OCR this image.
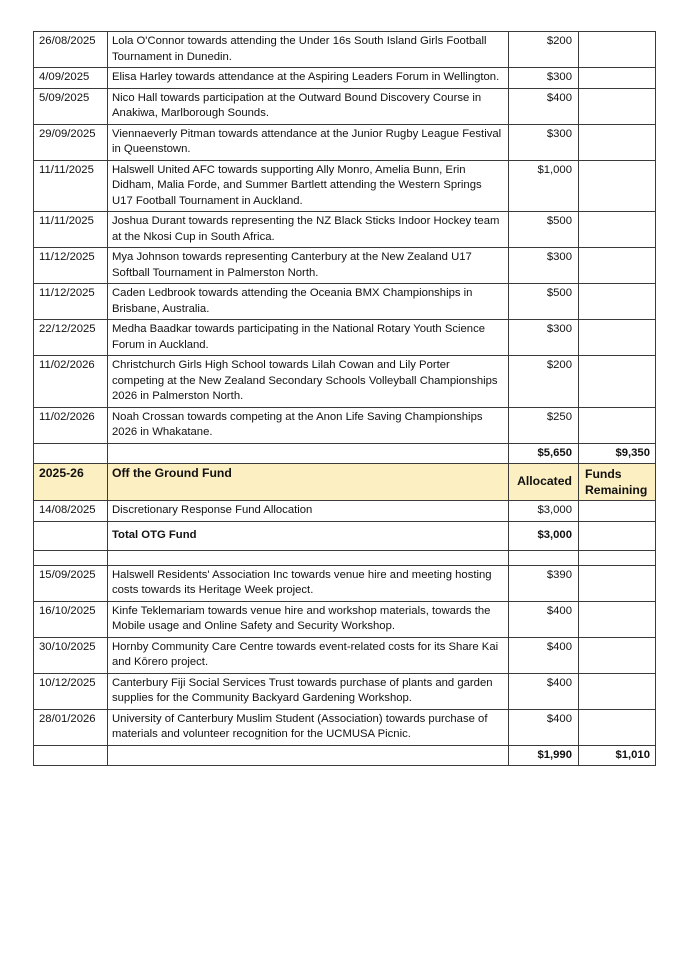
26/08/2025	Lola O'Connor towards attending the Under 16s South Island Girls Football Tournament in Dunedin.	$200	
4/09/2025	Elisa Harley towards attendance at the Aspiring Leaders Forum in Wellington.	$300	
5/09/2025	Nico Hall towards participation at the Outward Bound Discovery Course in Anakiwa, Marlborough Sounds.	$400	
29/09/2025	Viennaeverly Pitman towards attendance at the Junior Rugby League Festival in Queenstown.	$300	
11/11/2025	Halswell United AFC towards supporting Ally Monro, Amelia Bunn, Erin Didham, Malia Forde, and Summer Bartlett attending the Western Springs U17 Football Tournament in Auckland.	$1,000	
11/11/2025	Joshua Durant towards representing the NZ Black Sticks Indoor Hockey team at the Nkosi Cup in South Africa.	$500	
11/12/2025	Mya Johnson towards representing Canterbury at the New Zealand U17 Softball Tournament in Palmerston North.	$300	
11/12/2025	Caden Ledbrook towards attending the Oceania BMX Championships in Brisbane, Australia.	$500	
22/12/2025	Medha Baadkar towards participating in the National Rotary Youth Science Forum in Auckland.	$300	
11/02/2026	Christchurch Girls High School towards Lilah Cowan and Lily Porter competing at the New Zealand Secondary Schools Volleyball Championships 2026 in Palmerston North.	$200	
11/02/2026	Noah Crossan towards competing at the Anon Life Saving Championships 2026 in Whakatane.	$250	
		$5,650	$9,350
2025-26	Off the Ground Fund	Allocated	Funds Remaining
14/08/2025	Discretionary Response Fund Allocation	$3,000	
	Total OTG Fund	$3,000	

15/09/2025	Halswell Residents' Association Inc towards venue hire and meeting hosting costs towards its Heritage Week project.	$390	
16/10/2025	Kinfe Teklemariam towards venue hire and workshop materials, towards the Mobile usage and Online Safety and Security Workshop.	$400	
30/10/2025	Hornby Community Care Centre towards event-related costs for its Share Kai and Kōrero project.	$400	
10/12/2025	Canterbury Fiji Social Services Trust towards purchase of plants and garden supplies for the Community Backyard Gardening Workshop.	$400	
28/01/2026	University of Canterbury Muslim Student (Association) towards purchase of materials and volunteer recognition for the UCMUSA Picnic.	$400	
		$1,990	$1,010
